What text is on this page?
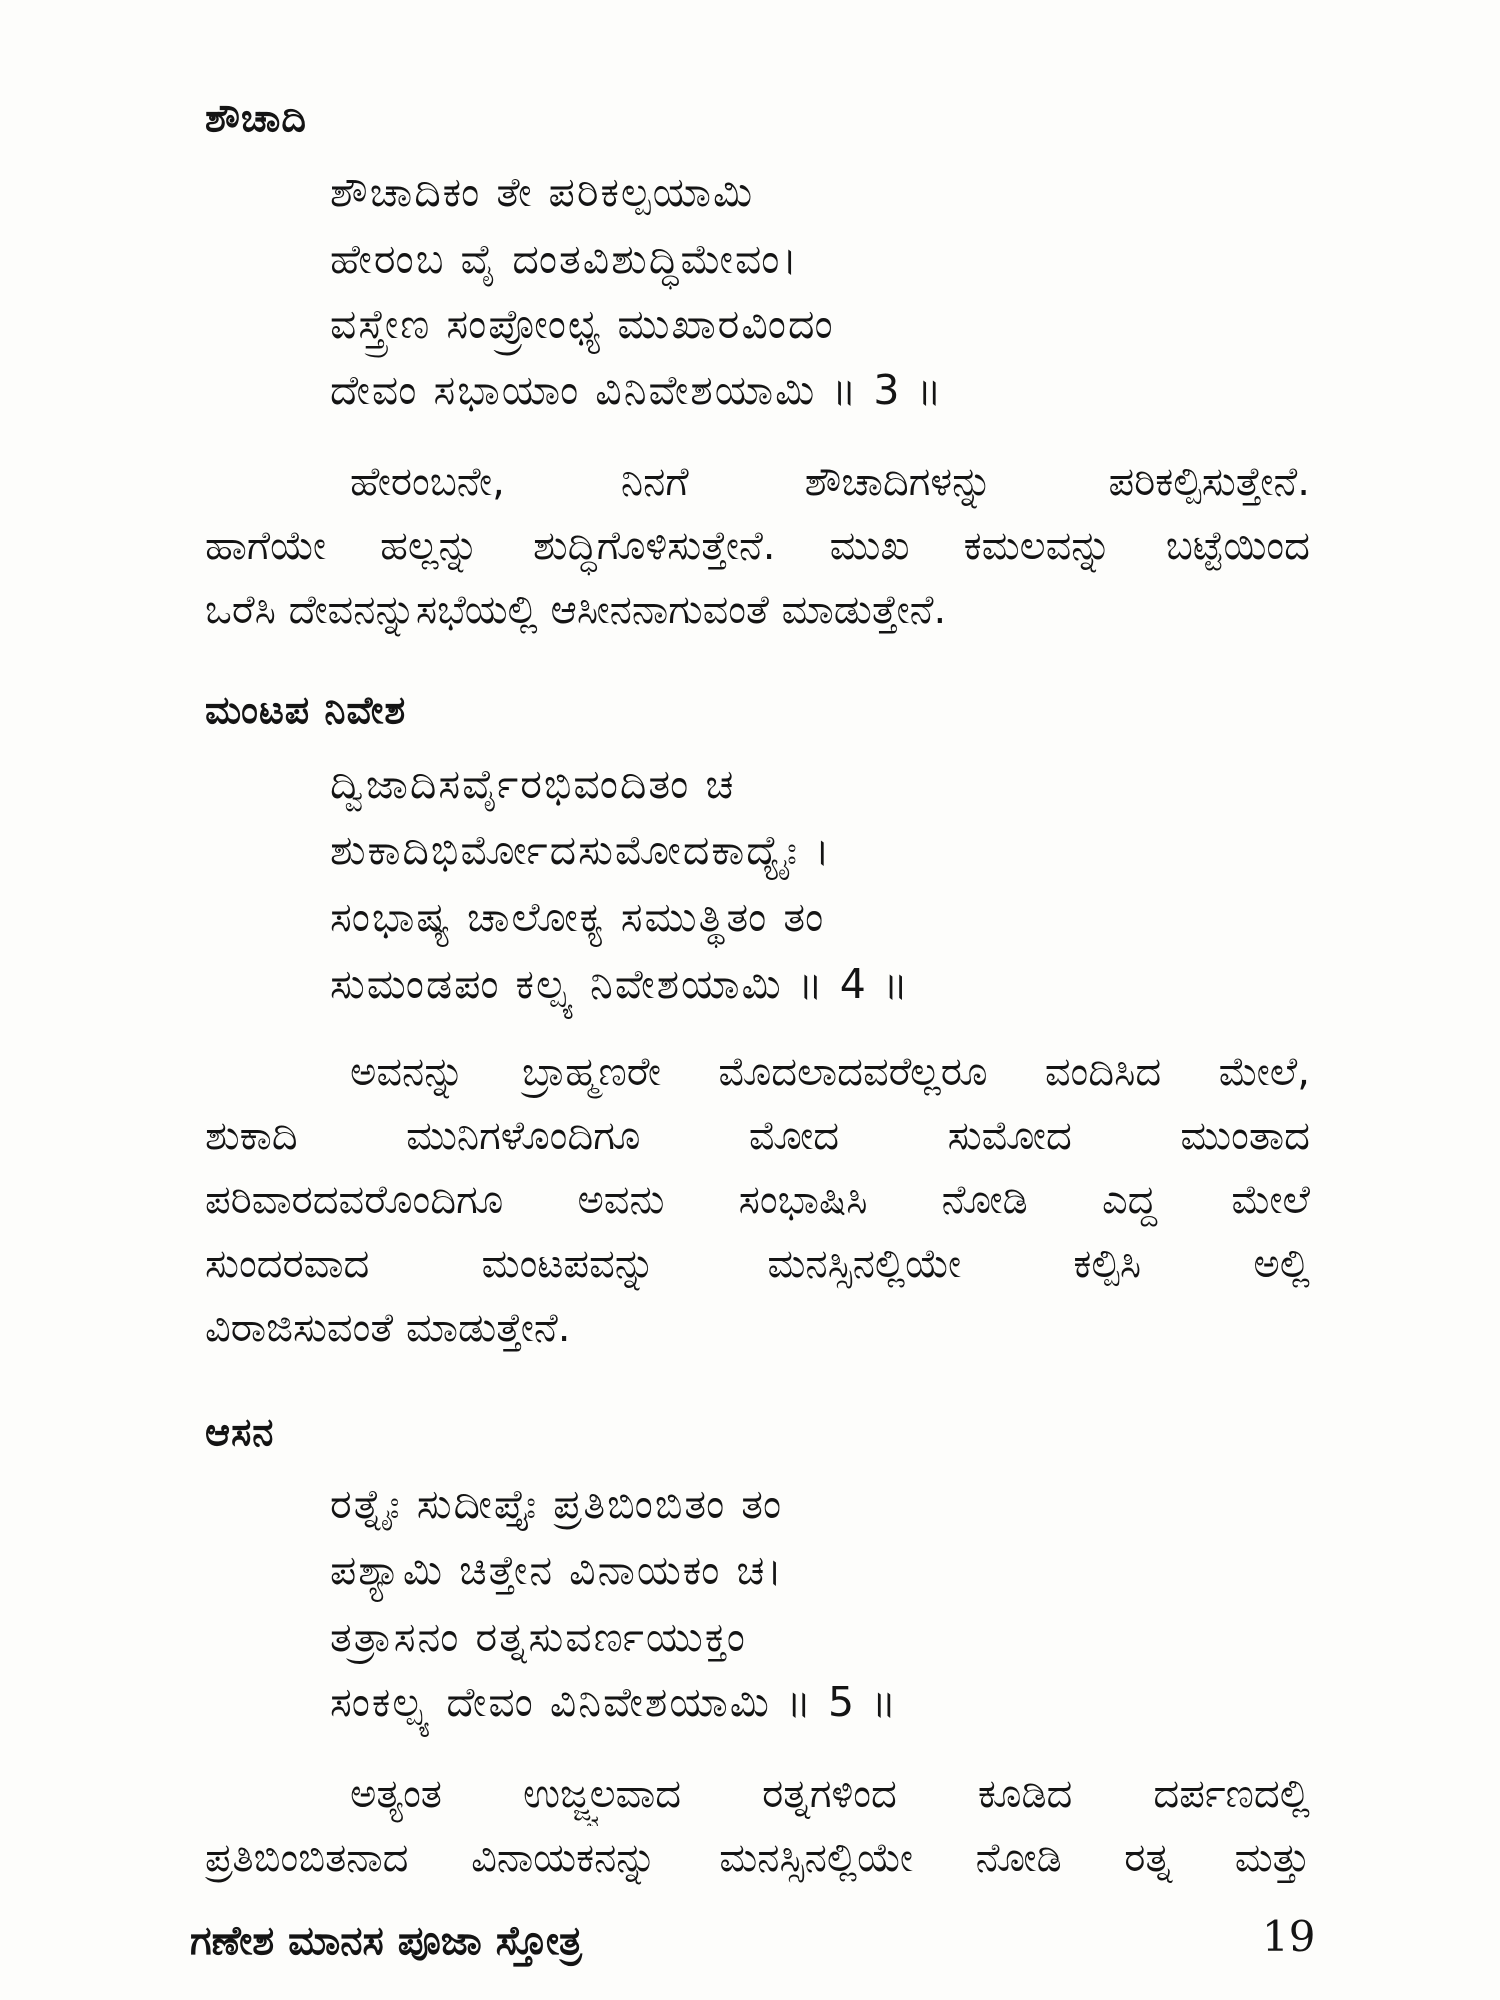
ಶೌಚಾದಿ
ಶೌಚಾದಿಕಂ ತೇ ಪರಿಕಲ್ಪಯಾಮಿ
ಹೇರಂಬ ವೈ ದಂತವಿಶುದ್ಧಿಮೇವಂ।
ವಸ್ತ್ರೇಣ ಸಂಪ್ರೋಂಛ್ಯ ಮುಖಾರವಿಂದಂ
ದೇವಂ ಸಭಾಯಾಂ ವಿನಿವೇಶಯಾಮಿ ॥ 3 ॥
ಹೇರಂಬನೇ, ನಿನಗೆ ಶೌಚಾದಿಗಳನ್ನು ಪರಿಕಲ್ಪಿಸುತ್ತೇನೆ.
ಹಾಗೆಯೇ ಹಲ್ಲನ್ನು ಶುದ್ಧಿಗೊಳಿಸುತ್ತೇನೆ. ಮುಖ ಕಮಲವನ್ನು ಬಟ್ಟೆಯಿಂದ
ಒರೆಸಿ ದೇವನನ್ನುಸಭೆಯಲ್ಲಿ ಆಸೀನನಾಗುವಂತೆ ಮಾಡುತ್ತೇನೆ.
ಮಂಟಪ ನಿವೇಶ
ದ್ವಿಜಾದಿಸರ್ವೈರಭಿವಂದಿತಂ ಚ
ಶುಕಾದಿಭಿರ್ಮೋದಸುಮೋದಕಾದ್ಯೈಃ ।
ಸಂಭಾಷ್ಯ ಚಾಲೋಕ್ಯ ಸಮುತ್ಥಿತಂ ತಂ
ಸುಮಂಡಪಂ ಕಲ್ಪ್ಯ ನಿವೇಶಯಾಮಿ ॥ 4 ॥
ಅವನನ್ನು ಬ್ರಾಹ್ಮಣರೇ ಮೊದಲಾದವರೆಲ್ಲರೂ ವಂದಿಸಿದ ಮೇಲೆ,
ಶುಕಾದಿ ಮುನಿಗಳೊಂದಿಗೂ ಮೋದ ಸುಮೋದ ಮುಂತಾದ
ಪರಿವಾರದವರೊಂದಿಗೂ ಅವನು ಸಂಭಾಷಿಸಿ ನೋಡಿ ಎದ್ದ ಮೇಲೆ
ಸುಂದರವಾದ ಮಂಟಪವನ್ನು ಮನಸ್ಸಿನಲ್ಲಿಯೇ ಕಲ್ಪಿಸಿ ಅಲ್ಲಿ
ವಿರಾಜಿಸುವಂತೆ ಮಾಡುತ್ತೇನೆ.
ಆಸನ
ರತ್ನೈಃ ಸುದೀಪ್ತೈಃ ಪ್ರತಿಬಿಂಬಿತಂ ತಂ
ಪಶ್ಯಾಮಿ ಚಿತ್ತೇನ ವಿನಾಯಕಂ ಚ।
ತತ್ರಾಸನಂ ರತ್ನಸುವರ್ಣಯುಕ್ತಂ
ಸಂಕಲ್ಪ್ಯ ದೇವಂ ವಿನಿವೇಶಯಾಮಿ ॥ 5 ॥
ಅತ್ಯಂತ ಉಜ್ಜ್ವಲವಾದ ರತ್ನಗಳಿಂದ ಕೂಡಿದ ದರ್ಪಣದಲ್ಲಿ
ಪ್ರತಿಬಿಂಬಿತನಾದ ವಿನಾಯಕನನ್ನು ಮನಸ್ಸಿನಲ್ಲಿಯೇ ನೋಡಿ ರತ್ನ ಮತ್ತು
ಗಣೇಶ ಮಾನಸ ಪೂಜಾ ಸ್ತೋತ್ರ	19
